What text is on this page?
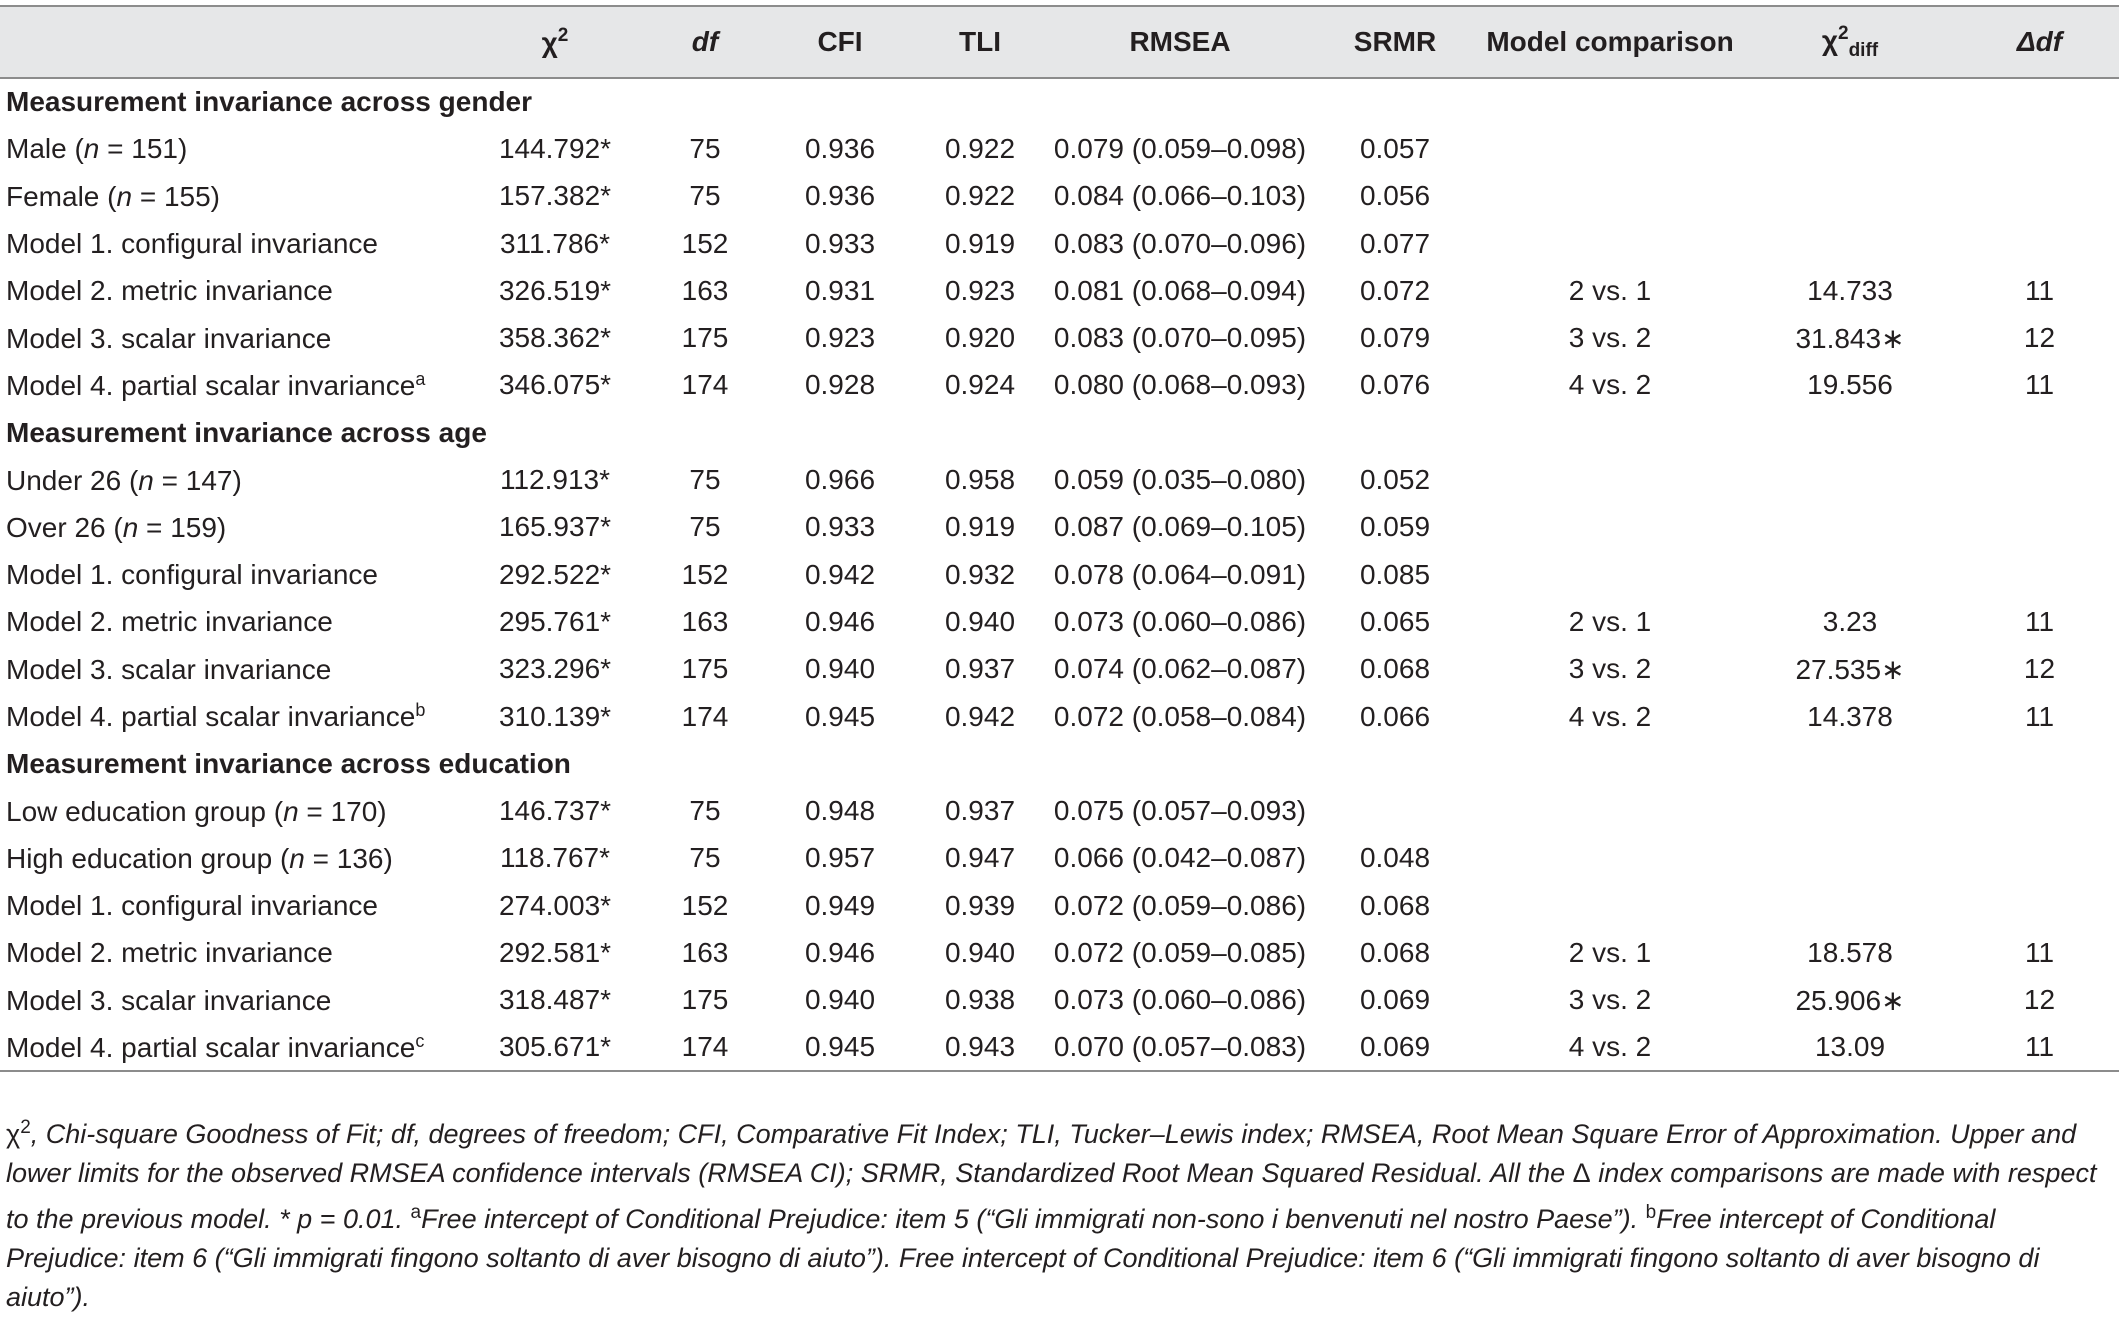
	$\chi^2$	df	CFI	TLI	RMSEA	SRMR	Model comparison	$\chi^2_{diff}$	Δdf
Measurement invariance across gender									
Male (n = 151)	144.792*	75	0.936	0.922	0.079 (0.059–0.098)	0.057			
Female (n = 155)	157.382*	75	0.936	0.922	0.084 (0.066–0.103)	0.056			
Model 1. configural invariance	311.786*	152	0.933	0.919	0.083 (0.070–0.096)	0.077			
Model 2. metric invariance	326.519*	163	0.931	0.923	0.081 (0.068–0.094)	0.072	2 vs. 1	14.733	11
Model 3. scalar invariance	358.362*	175	0.923	0.920	0.083 (0.070–0.095)	0.079	3 vs. 2	31.843∗	12
Model 4. partial scalar invariance$^a$	346.075*	174	0.928	0.924	0.080 (0.068–0.093)	0.076	4 vs. 2	19.556	11
Measurement invariance across age									
Under 26 (n = 147)	112.913*	75	0.966	0.958	0.059 (0.035–0.080)	0.052			
Over 26 (n = 159)	165.937*	75	0.933	0.919	0.087 (0.069–0.105)	0.059			
Model 1. configural invariance	292.522*	152	0.942	0.932	0.078 (0.064–0.091)	0.085			
Model 2. metric invariance	295.761*	163	0.946	0.940	0.073 (0.060–0.086)	0.065	2 vs. 1	3.23	11
Model 3. scalar invariance	323.296*	175	0.940	0.937	0.074 (0.062–0.087)	0.068	3 vs. 2	27.535∗	12
Model 4. partial scalar invariance$^b$	310.139*	174	0.945	0.942	0.072 (0.058–0.084)	0.066	4 vs. 2	14.378	11
Measurement invariance across education									
Low education group (n = 170)	146.737*	75	0.948	0.937	0.075 (0.057–0.093)				
High education group (n = 136)	118.767*	75	0.957	0.947	0.066 (0.042–0.087)	0.048			
Model 1. configural invariance	274.003*	152	0.949	0.939	0.072 (0.059–0.086)	0.068			
Model 2. metric invariance	292.581*	163	0.946	0.940	0.072 (0.059–0.085)	0.068	2 vs. 1	18.578	11
Model 3. scalar invariance	318.487*	175	0.940	0.938	0.073 (0.060–0.086)	0.069	3 vs. 2	25.906∗	12
Model 4. partial scalar invariance$^c$	305.671*	174	0.945	0.943	0.070 (0.057–0.083)	0.069	4 vs. 2	13.09	11
$\chi^2$, Chi-square Goodness of Fit; df, degrees of freedom; CFI, Comparative Fit Index; TLI, Tucker–Lewis index; RMSEA, Root Mean Square Error of Approximation. Upper and lower limits for the observed RMSEA confidence intervals (RMSEA CI); SRMR, Standardized Root Mean Squared Residual. All the Δ index comparisons are made with respect to the previous model. * p = 0.01. $^a$Free intercept of Conditional Prejudice: item 5 (“Gli immigrati non-sono i benvenuti nel nostro Paese”). $^b$Free intercept of Conditional Prejudice: item 6 (“Gli immigrati fingono soltanto di aver bisogno di aiuto”). Free intercept of Conditional Prejudice: item 6 (“Gli immigrati fingono soltanto di aver bisogno di aiuto”).
